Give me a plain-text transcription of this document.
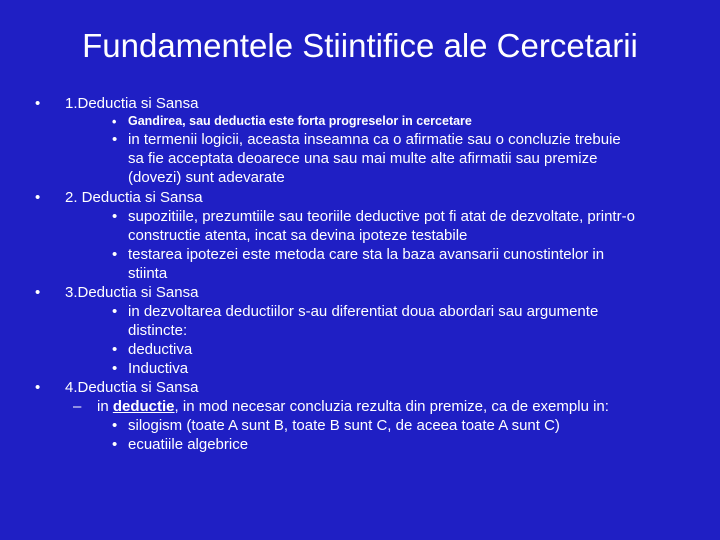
Fundamentele Stiintifice ale Cercetarii
• 1.Deductia si Sansa
• Gandirea, sau deductia este forta progreselor in cercetare
• in termenii logicii, aceasta inseamna ca o afirmatie sau o concluzie trebuie
sa fie acceptata deoarece una sau mai multe alte afirmatii sau premize
(dovezi) sunt adevarate
• 2. Deductia si Sansa
• supozitiile, prezumtiile sau teoriile deductive pot fi atat de dezvoltate, printr-o
constructie atenta, incat sa devina ipoteze testabile
• testarea ipotezei este metoda care sta la baza avansarii cunostintelor in
stiinta
• 3.Deductia si Sansa
• in dezvoltarea deductiilor s-au diferentiat doua abordari sau argumente
distincte:
• deductiva
• Inductiva
• 4.Deductia si Sansa
– in deductie, in mod necesar concluzia rezulta din premize, ca de exemplu in:
• silogism (toate A sunt B, toate B sunt C, de aceea toate A sunt C)
• ecuatiile algebrice
